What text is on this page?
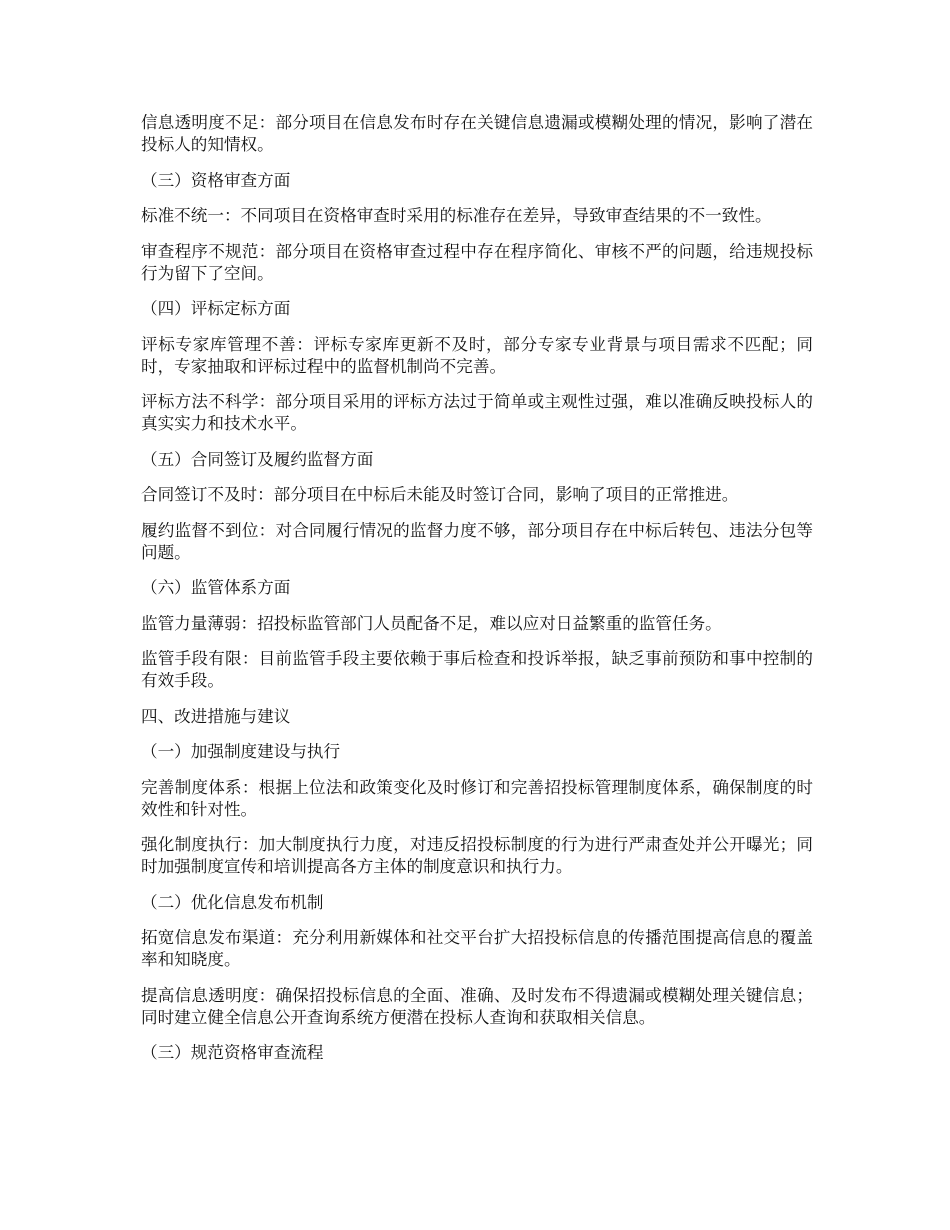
信息透明度不足：部分项目在信息发布时存在关键信息遗漏或模糊处理的情况，影响了潜在投标人的知情权。

（三）资格审查方面

标准不统一：不同项目在资格审查时采用的标准存在差异，导致审查结果的不一致性。

审查程序不规范：部分项目在资格审查过程中存在程序简化、审核不严的问题，给违规投标行为留下了空间。

（四）评标定标方面

评标专家库管理不善：评标专家库更新不及时，部分专家专业背景与项目需求不匹配；同时，专家抽取和评标过程中的监督机制尚不完善。

评标方法不科学：部分项目采用的评标方法过于简单或主观性过强，难以准确反映投标人的真实实力和技术水平。

（五）合同签订及履约监督方面

合同签订不及时：部分项目在中标后未能及时签订合同，影响了项目的正常推进。

履约监督不到位：对合同履行情况的监督力度不够，部分项目存在中标后转包、违法分包等问题。

（六）监管体系方面

监管力量薄弱：招投标监管部门人员配备不足，难以应对日益繁重的监管任务。

监管手段有限：目前监管手段主要依赖于事后检查和投诉举报，缺乏事前预防和事中控制的有效手段。

四、改进措施与建议

（一）加强制度建设与执行

完善制度体系：根据上位法和政策变化及时修订和完善招投标管理制度体系，确保制度的时效性和针对性。

强化制度执行：加大制度执行力度，对违反招投标制度的行为进行严肃查处并公开曝光；同时加强制度宣传和培训提高各方主体的制度意识和执行力。

（二）优化信息发布机制

拓宽信息发布渠道：充分利用新媒体和社交平台扩大招投标信息的传播范围提高信息的覆盖率和知晓度。

提高信息透明度：确保招投标信息的全面、准确、及时发布不得遗漏或模糊处理关键信息；同时建立健全信息公开查询系统方便潜在投标人查询和获取相关信息。

（三）规范资格审查流程
